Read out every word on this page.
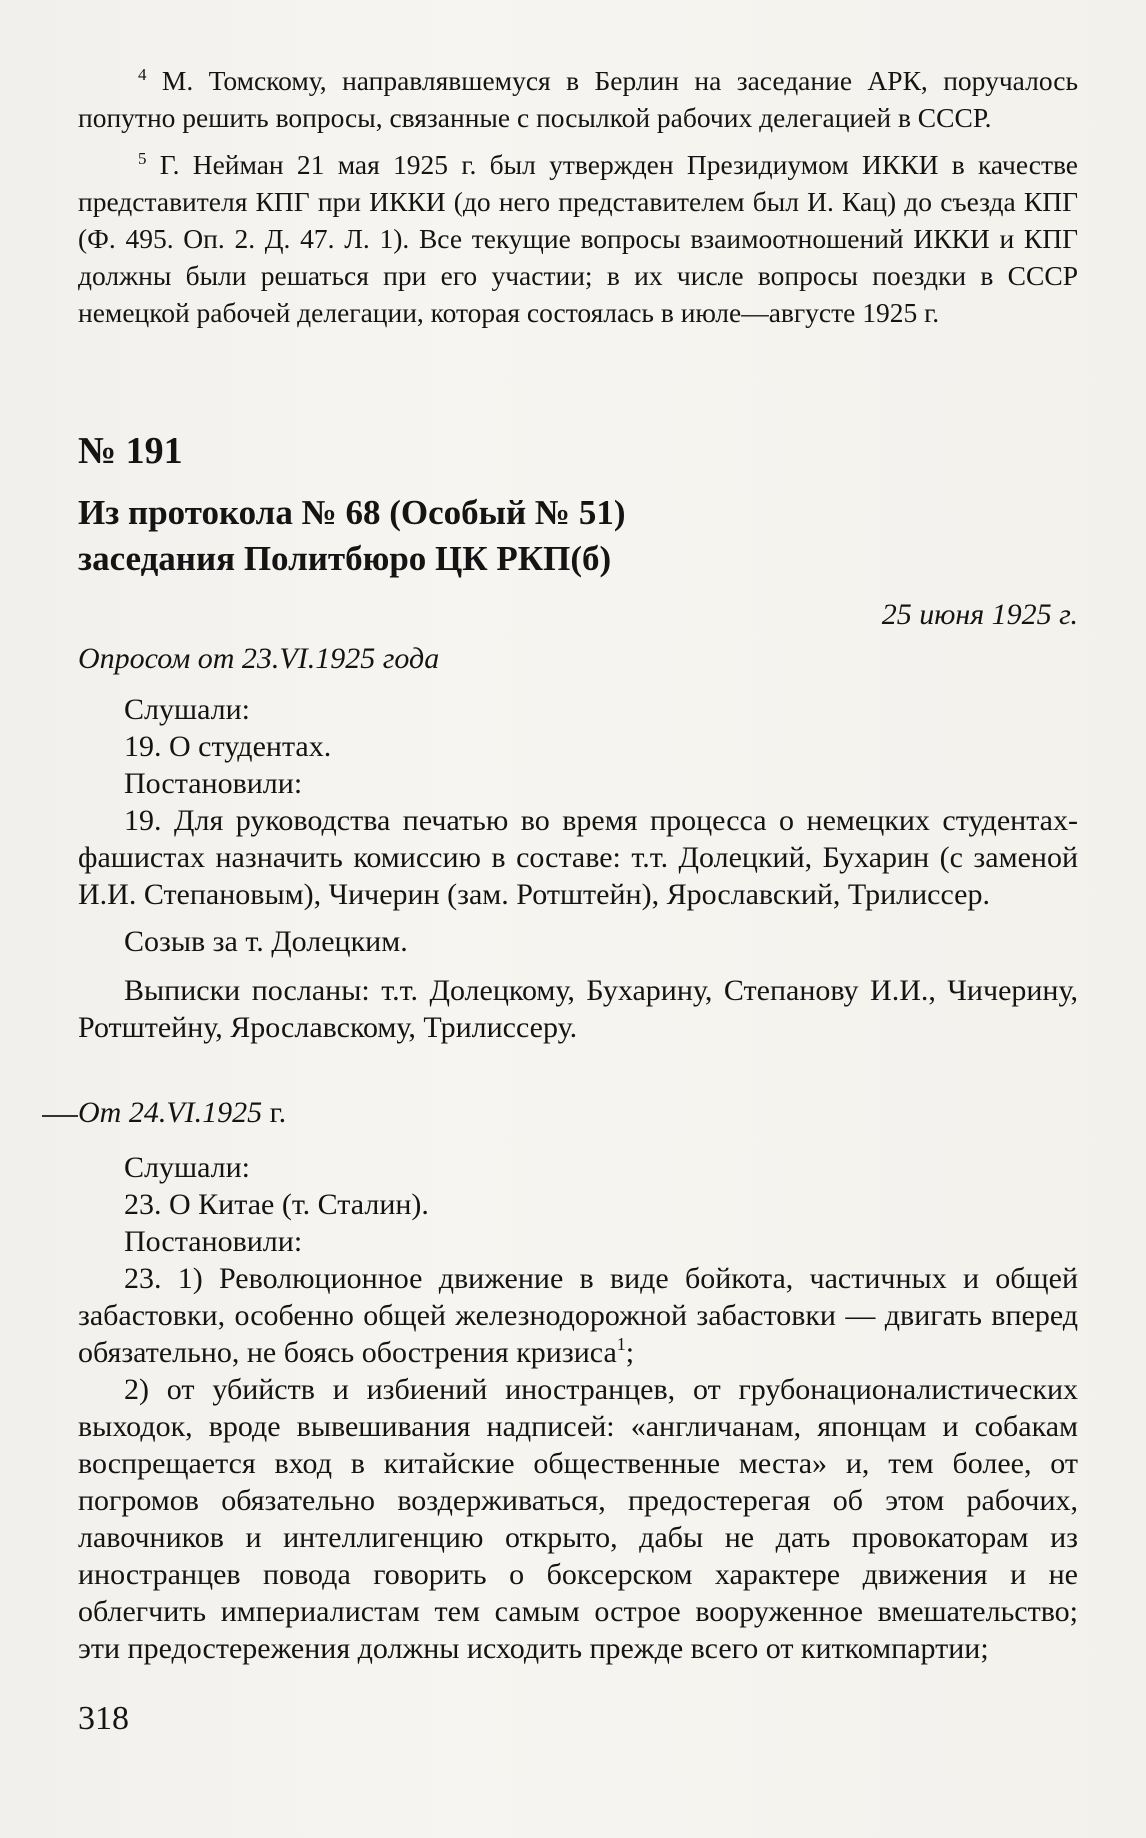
$^4$ М. Томскому, направлявшемуся в Берлин на заседание АРК, поручалось попутно решить вопросы, связанные с посылкой рабочих делегацией в СССР.

$^5$ Г. Нейман 21 мая 1925 г. был утвержден Президиумом ИККИ в качестве представителя КПГ при ИККИ (до него представителем был И. Кац) до съезда КПГ (Ф. 495. Оп. 2. Д. 47. Л. 1). Все текущие вопросы взаимоотношений ИККИ и КПГ должны были решаться при его участии; в их числе вопросы поездки в СССР немецкой рабочей делегации, которая состоялась в июле—августе 1925 г.

№ 191
Из протокола № 68 (Особый № 51)
заседания Политбюро ЦК РКП(б)
25 июня 1925 г.
Опросом от 23.VI.1925 года
Слушали:
19. О студентах.
Постановили:

19. Для руководства печатью во время процесса о немецких студентах-фашистах назначить комиссию в составе: т.т. Долецкий, Бухарин (с заменой И.И. Степановым), Чичерин (зам. Ротштейн), Ярославский, Трилиссер.

Созыв за т. Долецким.

Выписки посланы: т.т. Долецкому, Бухарину, Степанову И.И., Чичерину, Ротштейну, Ярославскому, Трилиссеру.

От 24.VI.1925 г.
Слушали:
23. О Китае (т. Сталин).
Постановили:

23. 1) Революционное движение в виде бойкота, частичных и общей забастовки, особенно общей железнодорожной забастовки — двигать вперед обязательно, не боясь обострения кризиса$^1$;

2) от убийств и избиений иностранцев, от грубонационалистических выходок, вроде вывешивания надписей: «англичанам, японцам и собакам воспрещается вход в китайские общественные места» и, тем более, от погромов обязательно воздерживаться, предостерегая об этом рабочих, лавочников и интеллигенцию открыто, дабы не дать провокаторам из иностранцев повода говорить о боксерском характере движения и не облегчить империалистам тем самым острое вооруженное вмешательство; эти предостережения должны исходить прежде всего от киткомпартии;

318
